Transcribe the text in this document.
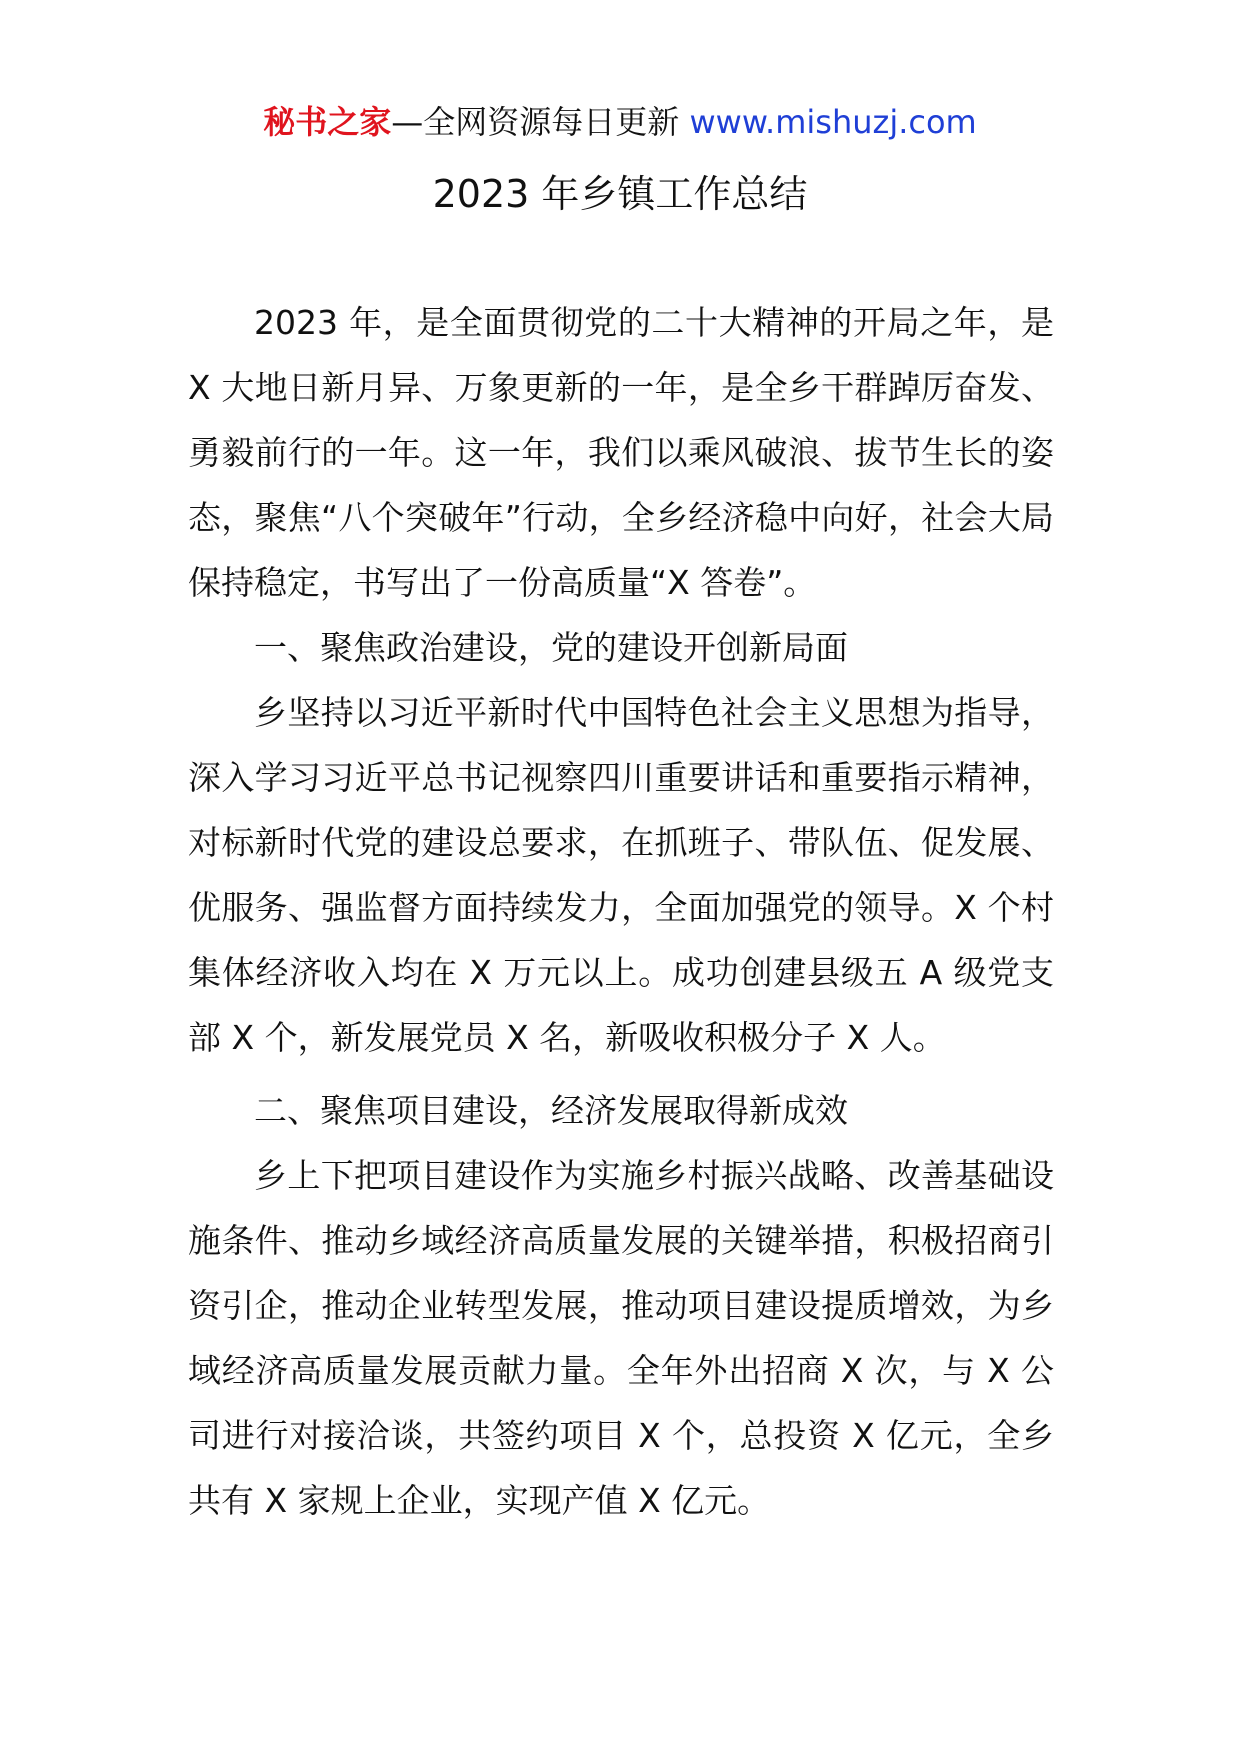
秘书之家—全网资源每日更新 www.mishuzj.com
2023 年乡镇工作总结

2023 年，是全面贯彻党的二十大精神的开局之年，是 X 大地日新月异、万象更新的一年，是全乡干群踔厉奋发、勇毅前行的一年。这一年，我们以乘风破浪、拔节生长的姿态，聚焦“八个突破年”行动，全乡经济稳中向好，社会大局保持稳定，书写出了一份高质量“X 答卷”。

一、聚焦政治建设，党的建设开创新局面

乡坚持以习近平新时代中国特色社会主义思想为指导，深入学习习近平总书记视察四川重要讲话和重要指示精神，对标新时代党的建设总要求，在抓班子、带队伍、促发展、优服务、强监督方面持续发力，全面加强党的领导。X 个村集体经济收入均在 X 万元以上。成功创建县级五 A 级党支部 X 个，新发展党员 X 名，新吸收积极分子 X 人。

二、聚焦项目建设，经济发展取得新成效

乡上下把项目建设作为实施乡村振兴战略、改善基础设施条件、推动乡域经济高质量发展的关键举措，积极招商引资引企，推动企业转型发展，推动项目建设提质增效，为乡域经济高质量发展贡献力量。全年外出招商 X 次，与 X 公司进行对接洽谈，共签约项目 X 个，总投资 X 亿元，全乡共有 X 家规上企业，实现产值 X 亿元。
